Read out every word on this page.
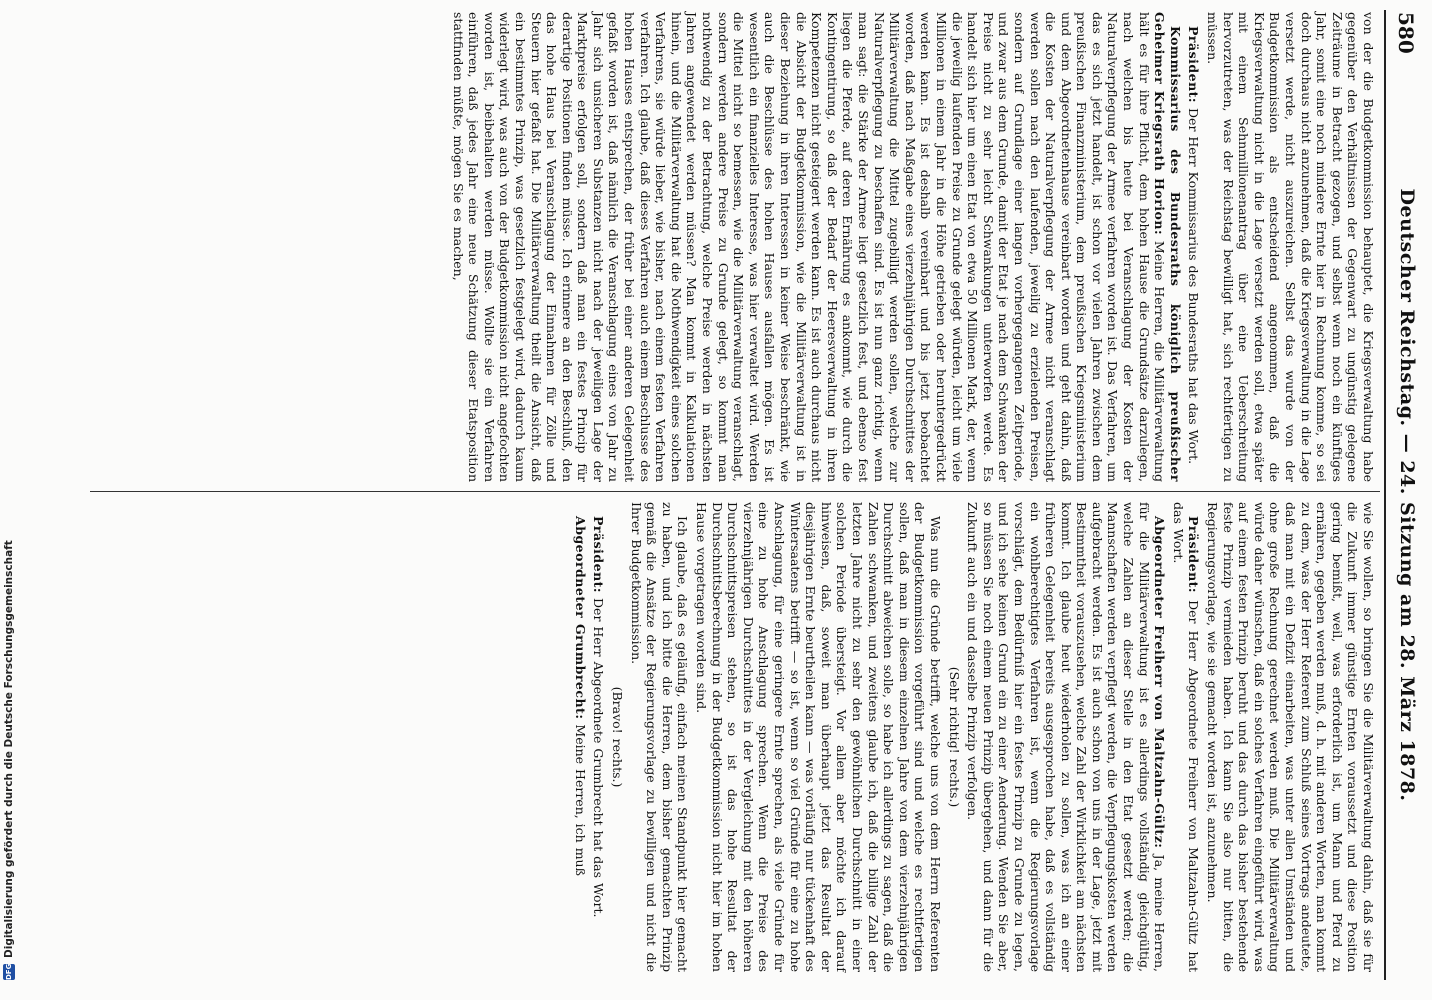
580
Deutscher Reichstag. — 24. Sitzung am 28. März 1878.

von der die Budgetkommission behauptet, die Kriegsverwaltung habe gegenüber den Verhältnissen der Gegenwart zu ungünstig gelegene Zeiträume in Betracht gezogen, und selbst wenn noch ein künftiges Jahr, somit eine noch mindere Ernte hier in Rechnung komme, so sei doch durchaus nicht anzunehmen, daß die Kriegsverwaltung in die Lage versetzt werde, nicht auszureichen. Selbst das wurde von der Budgetkommission als entscheidend angenommen, daß die Kriegsverwaltung nicht in die Lage versetzt werden soll, etwa später mit einem Sehnmillionenantrag über eine Ueberschreitung hervorzutreten, was der Reichstag bewilligt hat, sich rechtfertigen zu müssen.

Präsident: Der Herr Kommissarius des Bundesraths hat das Wort.

Kommissarius des Bundesraths königlich preußischer Geheimer Kriegsrath Horion: Meine Herren, die Militärverwaltung hält es für ihre Pflicht, dem hohen Hause die Grundsätze darzulegen, nach welchen bis heute bei Veranschlagung der Kosten der Naturalverpflegung der Armee verfahren worden ist. Das Verfahren, um das es sich jetzt handelt, ist schon vor vielen Jahren zwischen dem preußischen Finanzministerium, dem preußischen Kriegsministerium und dem Abgeordnetenhause vereinbart worden und geht dahin, daß die Kosten der Naturalverpflegung der Armee nicht veranschlagt werden sollen nach den laufenden, jeweilig zu erzielenden Preisen, sondern auf Grundlage einer langen vorhergegangenen Zeitperiode, und zwar aus dem Grunde, damit der Etat je nach dem Schwanken der Preise nicht zu sehr leicht Schwankungen unterworfen werde. Es handelt sich hier um einen Etat von etwa 50 Millionen Mark, der, wenn die jeweilig laufenden Preise zu Grunde gelegt würden, leicht um viele Millionen in einem Jahr in die Höhe getrieben oder heruntergedrückt werden kann. Es ist deshalb vereinbart und bis jetzt beobachtet worden, daß nach Maßgabe eines vierzehnjährigen Durchschnittes der Militärverwaltung die Mittel zugebilligt werden sollen, welche zur Naturalverpflegung zu beschaffen sind. Es ist nun ganz richtig, wenn man sagt: die Stärke der Armee liegt gesetzlich fest, und ebenso fest liegen die Pferde, auf deren Ernährung es ankommt, wie durch die Kontingentirung, so daß der Bedarf der Heeresverwaltung in ihren Kompetenzen nicht gesteigert werden kann. Es ist auch durchaus nicht die Absicht der Budgetkommission, wie die Militärverwaltung ist in dieser Beziehung in ihren Interessen in keiner Weise beschränkt, wie auch die Beschlüsse des hohen Hauses ausfallen mögen. Es ist wesentlich ein finanzielles Interesse, was hier verwaltet wird. Werden die Mittel nicht so bemessen, wie die Militärverwaltung veranschlagt, sondern werden andere Preise zu Grunde gelegt, so kommt man nothwendig zu der Betrachtung, welche Preise werden in nächsten Jahren angewendet werden müssen? Man kommt in Kalkulationen hinein, und die Militärverwaltung hat die Nothwendigkeit eines solchen Verfahrens, sie würde lieber, wie bisher, nach einem festen Verfahren verfahren. Ich glaube, daß dieses Verfahren auch einem Beschlusse des hohen Hauses entsprechen, der früher bei einer anderen Gelegenheit gefaßt worden ist, daß nämlich die Veranschlagung eines von Jahr zu Jahr sich unsicheren Substanzen nicht nach der jeweiligen Lage der Marktpreise erfolgen soll, sondern daß man ein festes Princip für derartige Positionen finden müsse. Ich erinnere an den Beschluß, den das hohe Haus bei Veranschlagung der Einnahmen für Zölle und Steuern hier gefaßt hat. Die Militärverwaltung theilt die Ansicht, daß ein bestimmtes Prinzip, was gesetzlich festgelegt wird, dadurch kaum widerlegt wird, was auch von der Budgetkommission nicht angefochten worden ist, beibehalten werden müsse. Wollte sie ein Verfahren einführen, daß jedes Jahr eine neue Schätzung dieser Etatsposition stattfinden müßte, mögen Sie es machen,

wie Sie wollen, so bringen Sie die Militärverwaltung dahin, daß sie für die Zukunft immer günstige Ernten voraussetzt und diese Position gering bemißt, weil, was erforderlich ist, um Mann und Pferd zu ernähren, gegeben werden muß, d. h. mit anderen Worten, man kommt zu dem, was der Herr Referent zum Schluß seines Vortrags andeutete, daß man mit ein Defizit einarbeiten, was unter allen Umständen und ohne große Rechnung gerechnet werden muß. Die Militärverwaltung würde daher wünschen, daß ein solches Verfahren eingeführt wird, was auf einem festen Prinzip beruht und das durch das bisher bestehende feste Prinzip vermieden haben. Ich kann Sie also nur bitten, die Regierungsvorlage, wie sie gemacht worden ist, anzunehmen.

Präsident: Der Herr Abgeordnete Freiherr von Maltzahn-Gültz hat das Wort.

Abgeordneter Freiherr von Maltzahn-Gültz: Ja, meine Herren, für die Militärverwaltung ist es allerdings vollständig gleichgültig, welche Zahlen an dieser Stelle in den Etat gesetzt werden; die Mannschaften werden verpflegt werden, die Verpflegungskosten werden aufgebracht werden. Es ist auch schon von uns in der Lage, jetzt mit Bestimmtheit vorauszusehen, welche Zahl der Wirklichkeit am nächsten kommt. Ich glaube heut wiederholen zu sollen, was ich an einer früheren Gelegenheit bereits ausgesprochen habe, daß es vollständig ein wohlberechtigtes Verfahren ist, wenn die Regierungsvorlage vorschlägt, dem Bedürfniß hier ein festes Prinzip zu Grunde zu legen, und ich sehe keinen Grund ein zu einer Aenderung. Wenden Sie aber, so müssen Sie noch einem neuen Prinzip übergehen, und dann für die Zukunft auch ein und dasselbe Prinzip verfolgen.

(Sehr richtig! rechts.)

Was nun die Gründe betrifft, welche uns von dem Herrn Referenten der Budgetkommission vorgeführt sind und welche es rechtfertigen sollen, daß man in diesem einzelnen Jahre von dem vierzehnjährigen Durchschnitt abweichen solle, so habe ich allerdings zu sagen, daß die Zahlen schwanken, und zweitens glaube ich, daß die billige Zahl der letzten Jahre nicht zu sehr den gewöhnlichen Durchschnitt in einer solchen Periode übersteigt. Vor allem aber möchte ich darauf hinweisen, daß, soweit man überhaupt jetzt das Resultat der diesjährigen Ernte beurtheilen kann — was vorläufig nur tückenhaft des Wintersaatens betrifft — so ist, wenn so viel Gründe für eine zu hohe Anschlagung, für eine geringere Ernte sprechen, als viele Gründe für eine zu hohe Anschlagung sprechen. Wenn die Preise des vierzehnjährigen Durchschnittes in der Vergleichung mit den höheren Durchschnittspreisen stehen, so ist das hohe Resultat der Durchschnittsberechnung in der Budgetkommission nicht hier im hohen Hause vorgetragen worden sind.

Ich glaube, daß es geläufig, einfach meinen Standpunkt hier gemacht zu haben, und ich bitte die Herren, dem bisher gemachten Prinzip gemäß die Ansätze der Regierungsvorlage zu bewilligen und nicht die Ihrer Budgetkommission.

(Bravo! rechts.)

Präsident: Der Herr Abgeordnete Grumbrecht hat das Wort.

Abgeordneter Grumbrecht: Meine Herren, ich muß

DFG
Digitalisierung gefördert durch die Deutsche Forschungsgemeinschaft
